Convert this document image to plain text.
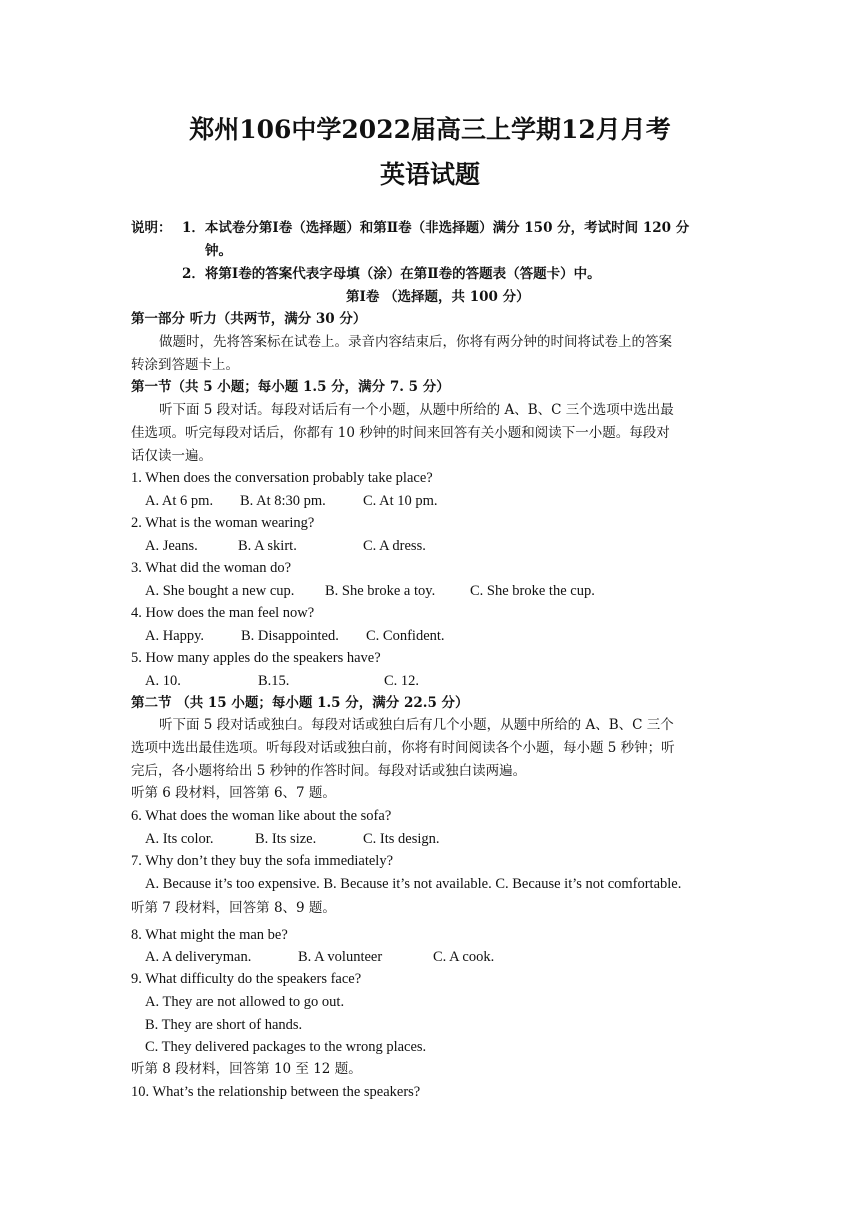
郑州106中学2022届高三上学期12月月考
英语试题
说明： 1．本试卷分第Ⅰ卷（选择题）和第Ⅱ卷（非选择题）满分 150 分，考试时间 120 分
钟。
2．将第Ⅰ卷的答案代表字母填（涂）在第Ⅱ卷的答题表（答题卡）中。
第Ⅰ卷 （选择题，共 100 分）
第一部分 听力（共两节，满分 30 分）
做题时，先将答案标在试卷上。录音内容结束后，你将有两分钟的时间将试卷上的答案
转涂到答题卡上。
第一节（共 5 小题；每小题 1.5 分，满分 7. 5 分）
听下面 5 段对话。每段对话后有一个小题，从题中所给的 A、B、C 三个选项中选出最
佳选项。听完每段对话后，你都有 10 秒钟的时间来回答有关小题和阅读下一小题。每段对
话仅读一遍。
1. When does the conversation probably take place?
A. At 6 pm. B. At 8:30 pm.	C. At 10 pm.
2. What is the woman wearing?
A. Jeans.	B. A skirt.	C. A dress.
3. What did the woman do?
A. She bought a new cup. B. She broke a toy. C. She broke the cup.
4. How does the man feel now?
A. Happy.	B. Disappointed. C. Confident.
5. How many apples do the speakers have?
A. 10.	B.15.	C. 12.
第二节 （共 15 小题；每小题 1.5 分，满分 22.5 分）
听下面 5 段对话或独白。每段对话或独白后有几个小题，从题中所给的 A、B、C 三个
选项中选出最佳选项。听每段对话或独白前，你将有时间阅读各个小题，每小题 5 秒钟；听
完后，各小题将给出 5 秒钟的作答时间。每段对话或独白读两遍。
听第 6 段材料，回答第 6、7 题。
6. What does the woman like about the sofa?
A. Its color.	B. Its size.	C. Its design.
7. Why don’t they buy the sofa immediately?
A. Because it’s too expensive. B. Because it’s not available. C. Because it’s not comfortable.
听第 7 段材料，回答第 8、9 题。
8. What might the man be?
A. A deliveryman.	B. A volunteer	C. A cook.
9. What difficulty do the speakers face?
A. They are not allowed to go out.
B. They are short of hands.
C. They delivered packages to the wrong places.
听第 8 段材料，回答第 10 至 12 题。
10. What’s the relationship between the speakers?
